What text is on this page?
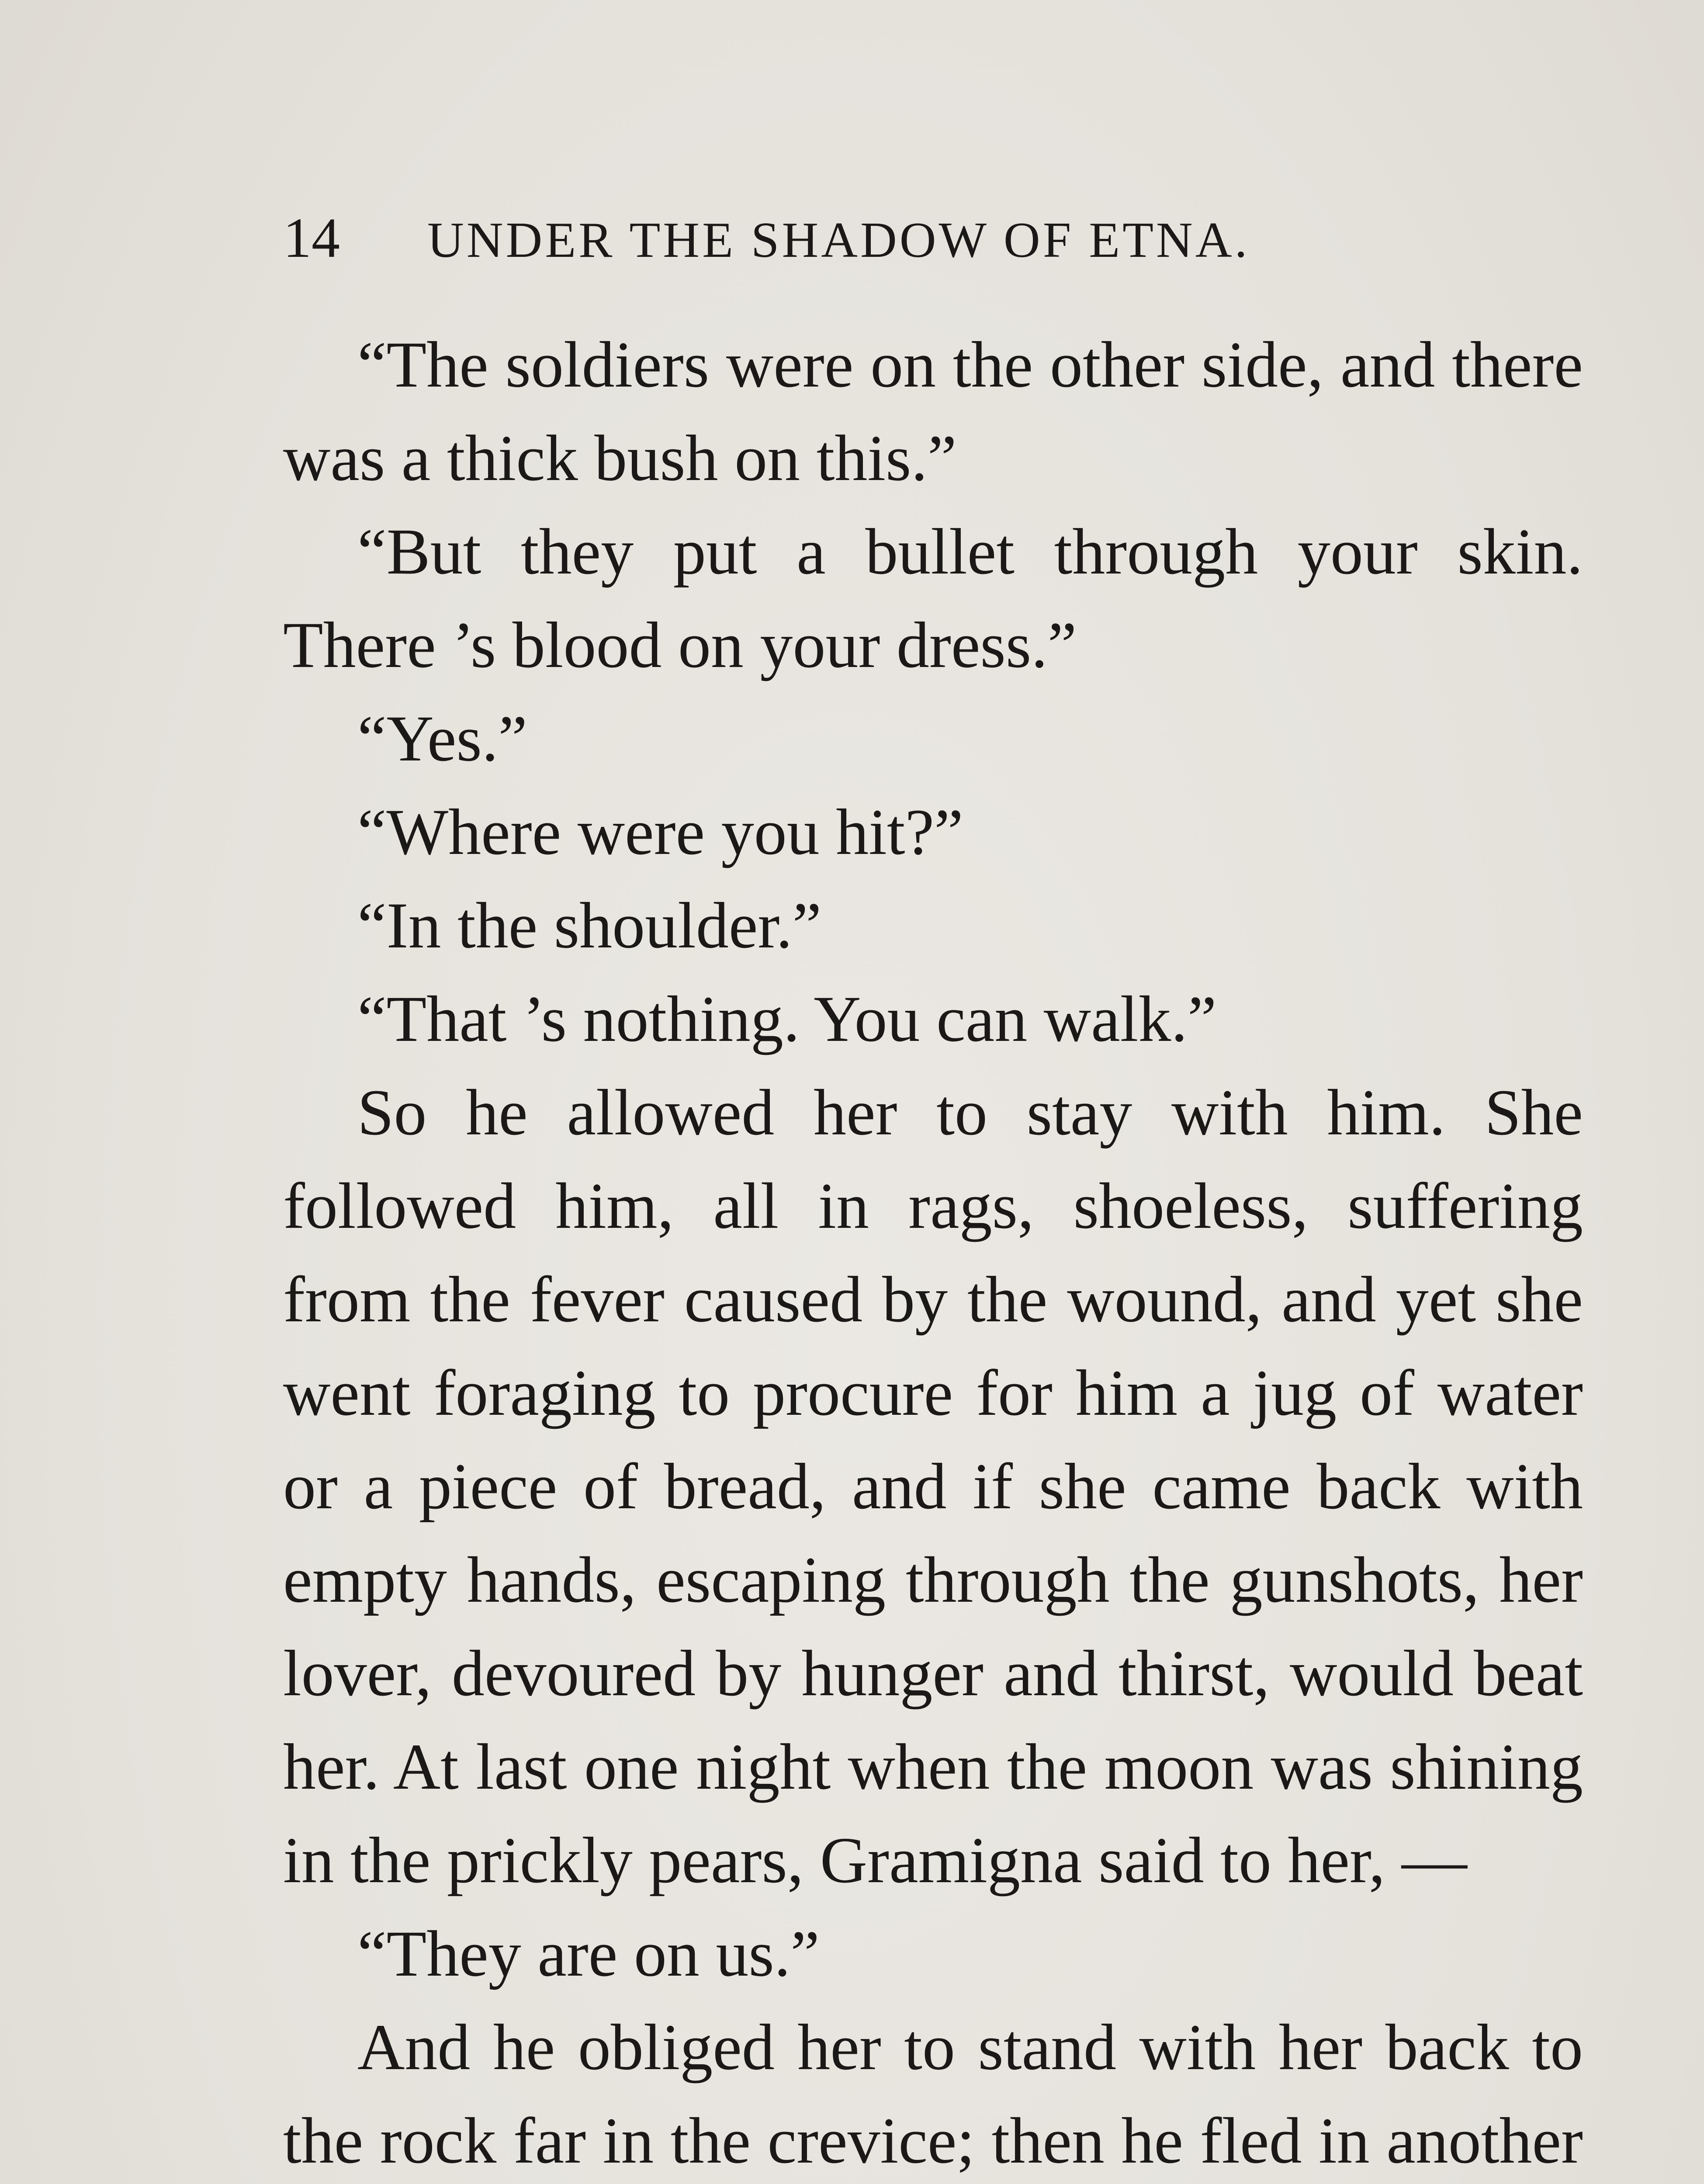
14 UNDER THE SHADOW OF ETNA.

“The soldiers were on the other side, and there was a thick bush on this.”

“But they put a bullet through your skin. There ’s blood on your dress.”

“Yes.”

“Where were you hit?”

“In the shoulder.”

“That ’s nothing. You can walk.”

So he allowed her to stay with him. She followed him, all in rags, shoeless, suffering from the fever caused by the wound, and yet she went foraging to procure for him a jug of water or a piece of bread, and if she came back with empty hands, escaping through the gunshots, her lover, devoured by hunger and thirst, would beat her. At last one night when the moon was shining in the prickly pears, Gramigna said to her, —

“They are on us.”

And he obliged her to stand with her back to the rock far in the crevice; then he fled in another
